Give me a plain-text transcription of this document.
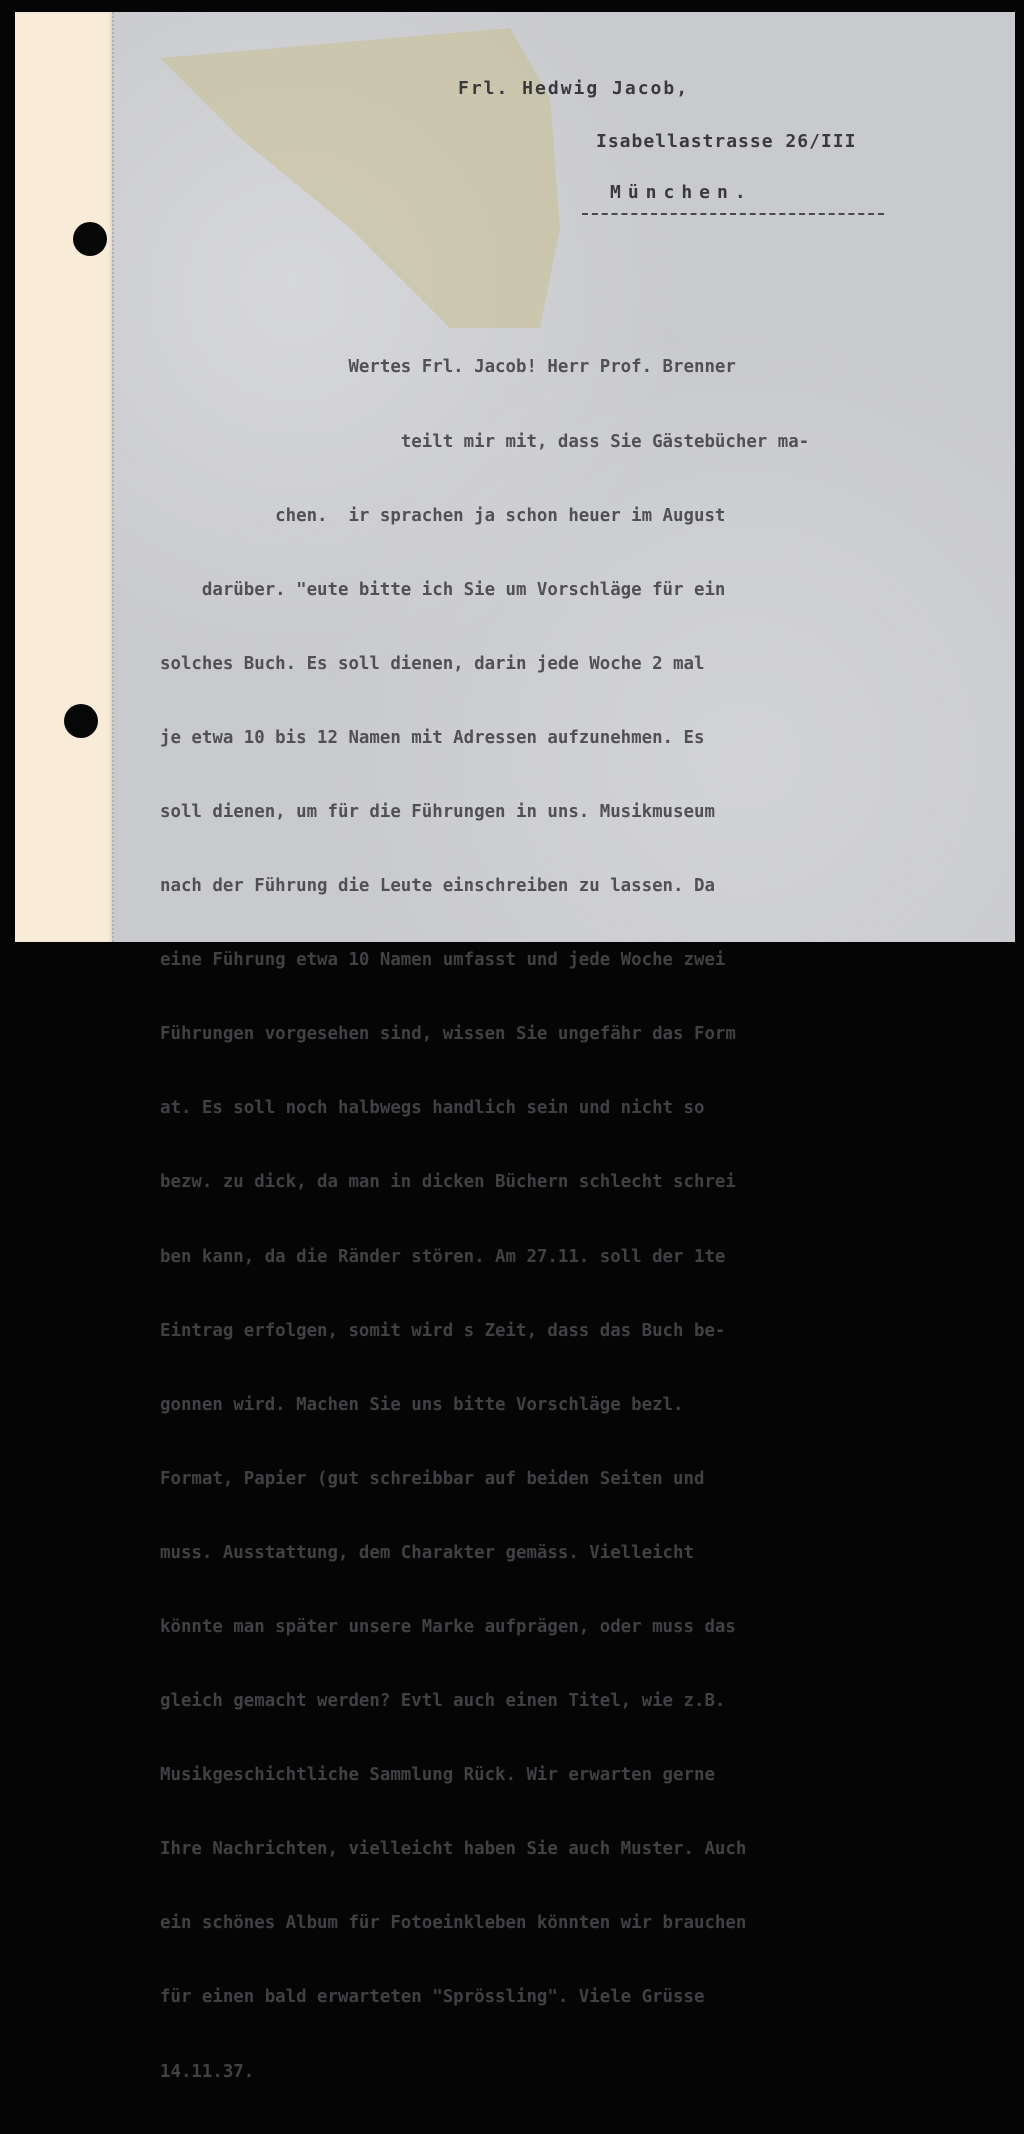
Frl. Hedwig Jacob,
Isabellastrasse 26/III
München.

Wertes Frl. Jacob! Herr Prof. Brenner

teilt mir mit, dass Sie Gästebücher ma-

chen.  ir sprachen ja schon heuer im August

darüber. "eute bitte ich Sie um Vorschläge für ein

solches Buch. Es soll dienen, darin jede Woche 2 mal

je etwa 10 bis 12 Namen mit Adressen aufzunehmen. Es

soll dienen, um für die Führungen in uns. Musikmuseum

nach der Führung die Leute einschreiben zu lassen. Da

eine Führung etwa 10 Namen umfasst und jede Woche zwei

Führungen vorgesehen sind, wissen Sie ungefähr das Form

at. Es soll noch halbwegs handlich sein und nicht so

bezw. zu dick, da man in dicken Büchern schlecht schrei

ben kann, da die Ränder stören. Am 27.11. soll der 1te

Eintrag erfolgen, somit wird s Zeit, dass das Buch be-

gonnen wird. Machen Sie uns bitte Vorschläge bezl.

Format, Papier (gut schreibbar auf beiden Seiten und

muss. Ausstattung, dem Charakter gemäss. Vielleicht

könnte man später unsere Marke aufprägen, oder muss das

gleich gemacht werden? Evtl auch einen Titel, wie z.B.

Musikgeschichtliche Sammlung Rück. Wir erwarten gerne

Ihre Nachrichten, vielleicht haben Sie auch Muster. Auch

ein schönes Album für Fotoeinkleben könnten wir brauchen

für einen bald erwarteten "Sprössling". Viele Grüsse

14.11.37.
